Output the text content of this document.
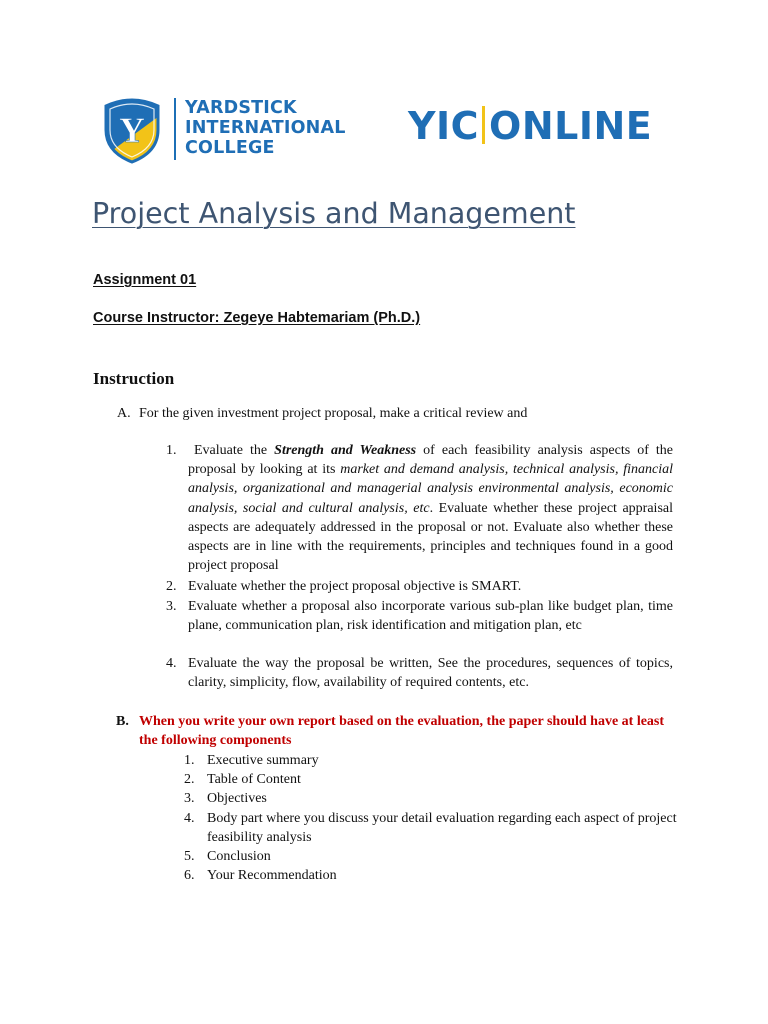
Y
YARDSTICK
INTERNATIONAL
COLLEGE	YIC ONLINE
Project Analysis and Management
Assignment 01
Course Instructor: Zegeye Habtemariam (Ph.D.)
Instruction
A. For the given investment project proposal, make a critical review and
1.	Evaluate the Strength and Weakness of each feasibility analysis aspects of the proposal by looking at its market and demand analysis, technical analysis, financial analysis, organizational and managerial analysis environmental analysis, economic analysis, social and cultural analysis, etc. Evaluate whether these project appraisal aspects are adequately addressed in the proposal or not. Evaluate also whether these aspects are in line with the requirements, principles and techniques found in a good project proposal
2. Evaluate whether the project proposal objective is SMART.
3. Evaluate whether a proposal also incorporate various sub-plan like budget plan, time plane, communication plan, risk identification and mitigation plan, etc
4. Evaluate the way the proposal be written, See the procedures, sequences of topics, clarity, simplicity, flow, availability of required contents, etc.
B. When you write your own report based on the evaluation, the paper should have at least the following components
1. Executive summary
2. Table of Content
3. Objectives
4. Body part where you discuss your detail evaluation regarding each aspect of project feasibility analysis
5. Conclusion
6. Your Recommendation
